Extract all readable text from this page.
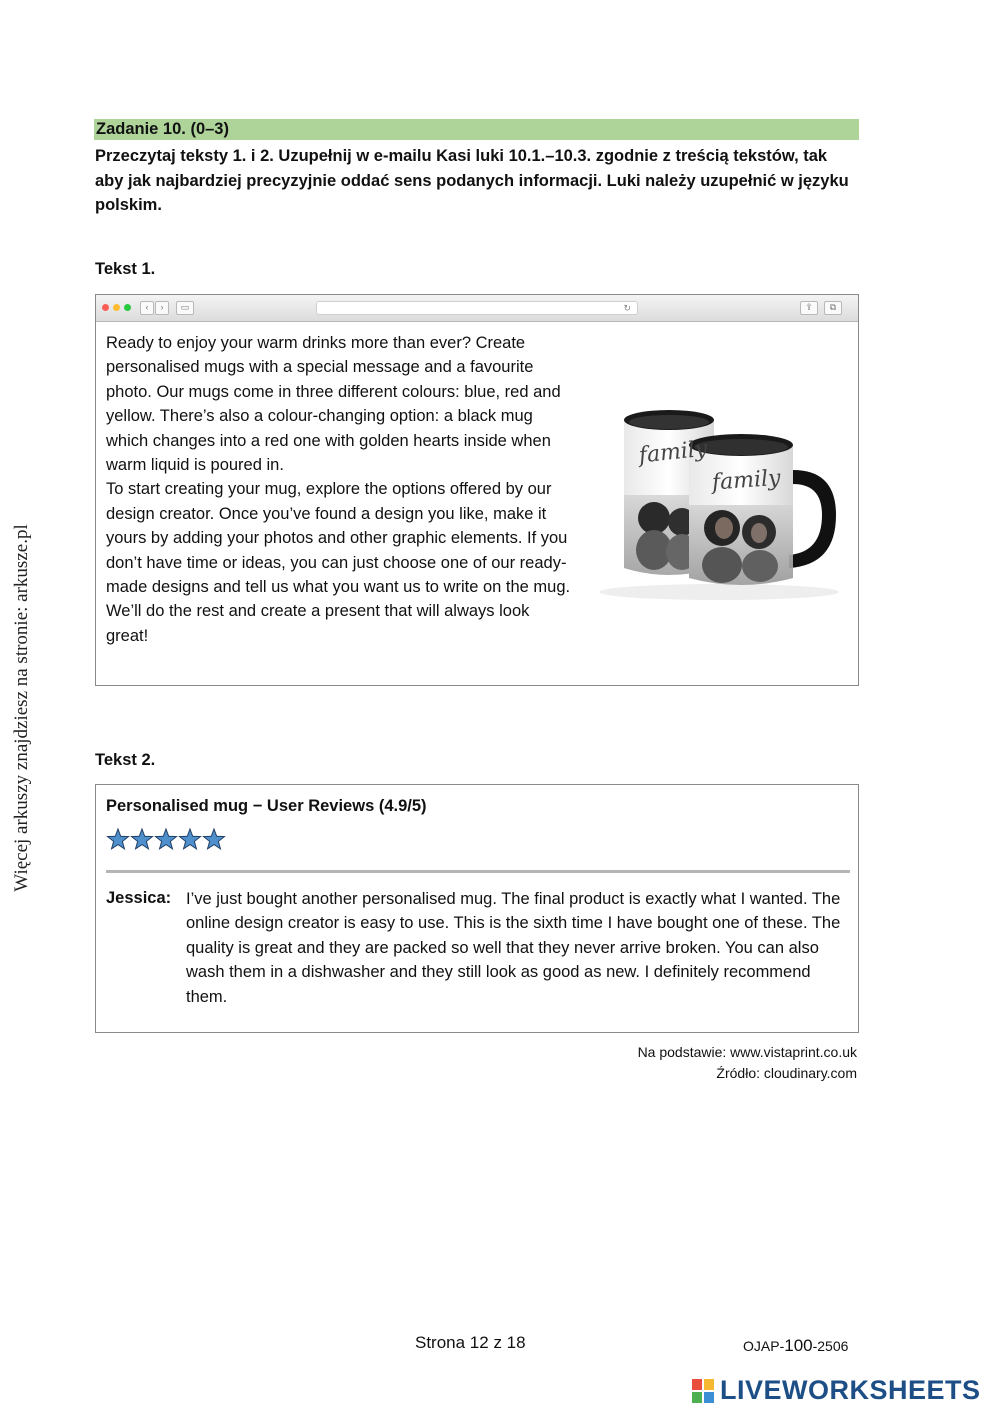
Więcej arkuszy znajdziesz na stronie: arkusze.pl
Zadanie 10. (0–3)
Przeczytaj teksty 1. i 2. Uzupełnij w e-mailu Kasi luki 10.1.–10.3. zgodnie z treścią tekstów, tak aby jak najbardziej precyzyjnie oddać sens podanych informacji. Luki należy uzupełnić w języku polskim.
Tekst 1.
‹	›	▭	↻	⇪	⧉

Ready to enjoy your warm drinks more than ever? Create personalised mugs with a special message and a favourite photo. Our mugs come in three different colours: blue, red and yellow. There’s also a colour-changing option: a black mug which changes into a red one with golden hearts inside when warm liquid is poured in.

To start creating your mug, explore the options offered by our design creator. Once you’ve found a design you like, make it yours by adding your photos and other graphic elements. If you don’t have time or ideas, you can just choose one of our ready-made designs and tell us what you want us to write on the mug. We’ll do the rest and create a present that will always look great!

family
family
Tekst 2.
Personalised mug − User Reviews (4.9/5)
Jessica: I’ve just bought another personalised mug. The final product is exactly what I wanted. The online design creator is easy to use. This is the sixth time I have bought one of these. The quality is great and they are packed so well that they never arrive broken. You can also wash them in a dishwasher and they still look as good as new. I definitely recommend them.
Na podstawie: www.vistaprint.co.uk
Źródło: cloudinary.com
Strona 12 z 18	OJAP-100-2506
LIVEWORKSHEETS
